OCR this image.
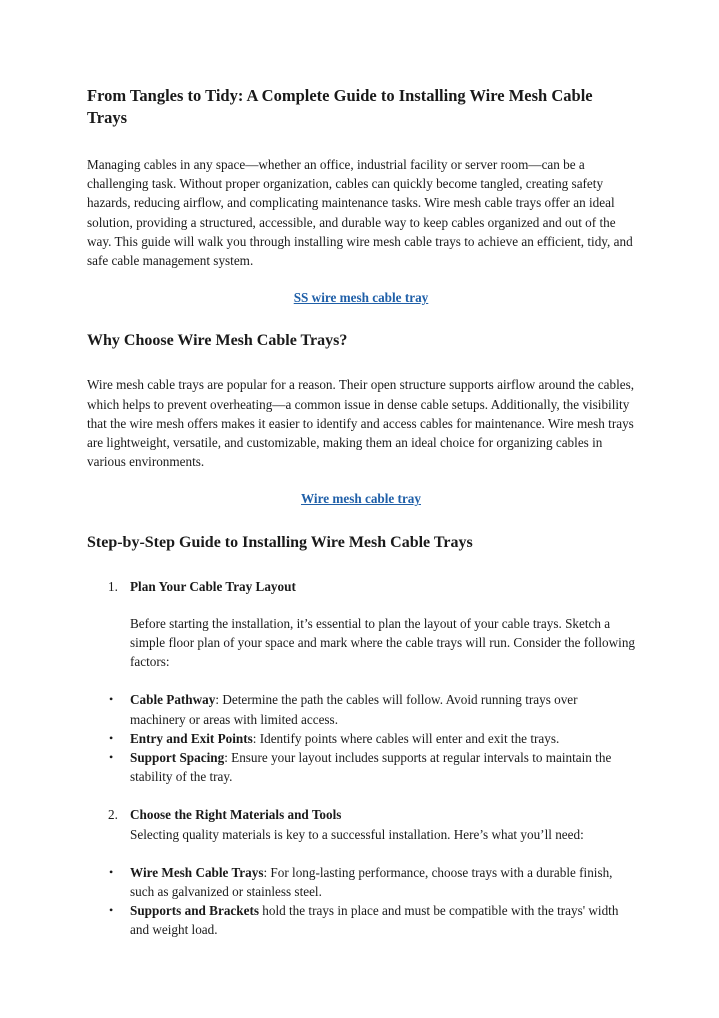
From Tangles to Tidy: A Complete Guide to Installing Wire Mesh Cable Trays

Managing cables in any space—whether an office, industrial facility or server room—can be a challenging task. Without proper organization, cables can quickly become tangled, creating safety hazards, reducing airflow, and complicating maintenance tasks. Wire mesh cable trays offer an ideal solution, providing a structured, accessible, and durable way to keep cables organized and out of the way. This guide will walk you through installing wire mesh cable trays to achieve an efficient, tidy, and safe cable management system.

SS wire mesh cable tray
Why Choose Wire Mesh Cable Trays?

Wire mesh cable trays are popular for a reason. Their open structure supports airflow around the cables, which helps to prevent overheating—a common issue in dense cable setups. Additionally, the visibility that the wire mesh offers makes it easier to identify and access cables for maintenance. Wire mesh trays are lightweight, versatile, and customizable, making them an ideal choice for organizing cables in various environments.

Wire mesh cable tray
Step-by-Step Guide to Installing Wire Mesh Cable Trays
1. Plan Your Cable Tray Layout

Before starting the installation, it’s essential to plan the layout of your cable trays. Sketch a simple floor plan of your space and mark where the cable trays will run. Consider the following factors:

• Cable Pathway: Determine the path the cables will follow. Avoid running trays over machinery or areas with limited access.
• Entry and Exit Points: Identify points where cables will enter and exit the trays.
• Support Spacing: Ensure your layout includes supports at regular intervals to maintain the stability of the tray.
2. Choose the Right Materials and Tools

Selecting quality materials is key to a successful installation. Here’s what you’ll need:

• Wire Mesh Cable Trays: For long-lasting performance, choose trays with a durable finish, such as galvanized or stainless steel.
• Supports and Brackets hold the trays in place and must be compatible with the trays' width and weight load.
